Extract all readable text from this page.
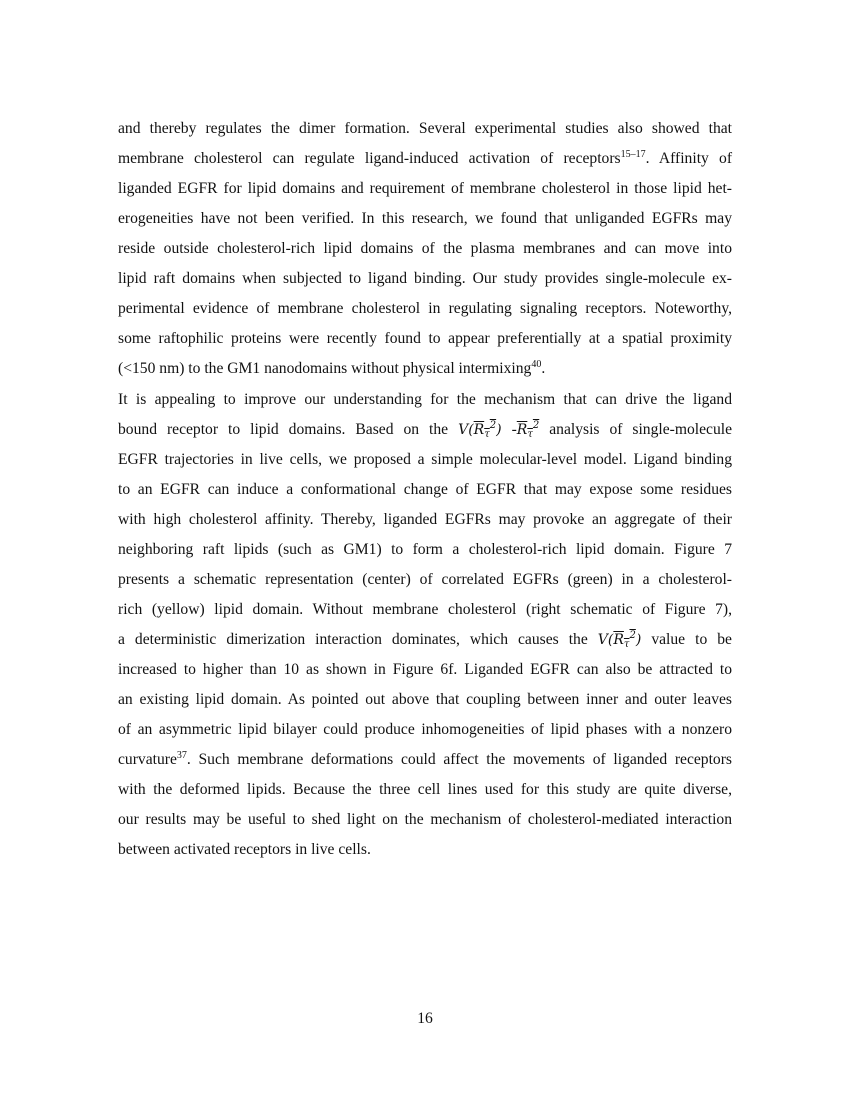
and thereby regulates the dimer formation. Several experimental studies also showed that
membrane cholesterol can regulate ligand-induced activation of receptors$^{15-17}$. Affinity of
liganded EGFR for lipid domains and requirement of membrane cholesterol in those lipid het-
erogeneities have not been verified. In this research, we found that unliganded EGFRs may
reside outside cholesterol-rich lipid domains of the plasma membranes and can move into
lipid raft domains when subjected to ligand binding. Our study provides single-molecule ex-
perimental evidence of membrane cholesterol in regulating signaling receptors. Noteworthy,
some raftophilic proteins were recently found to appear preferentially at a spatial proximity
(<150 nm) to the GM1 nanodomains without physical intermixing$^{40}$.
It is appealing to improve our understanding for the mechanism that can drive the ligand
bound receptor to lipid domains. Based on the $V(\overline{R}_{\overline{\tau}}^2)$ $-\overline{R}_{\overline{\tau}}^2$ analysis of single-molecule
EGFR trajectories in live cells, we proposed a simple molecular-level model. Ligand binding
to an EGFR can induce a conformational change of EGFR that may expose some residues
with high cholesterol affinity. Thereby, liganded EGFRs may provoke an aggregate of their
neighboring raft lipids (such as GM1) to form a cholesterol-rich lipid domain. Figure 7
presents a schematic representation (center) of correlated EGFRs (green) in a cholesterol-
rich (yellow) lipid domain. Without membrane cholesterol (right schematic of Figure 7),
a deterministic dimerization interaction dominates, which causes the $V(\overline{R}_{\overline{\tau}}^2)$ value to be
increased to higher than 10 as shown in Figure 6f. Liganded EGFR can also be attracted to
an existing lipid domain. As pointed out above that coupling between inner and outer leaves
of an asymmetric lipid bilayer could produce inhomogeneities of lipid phases with a nonzero
curvature$^{37}$. Such membrane deformations could affect the movements of liganded receptors
with the deformed lipids. Because the three cell lines used for this study are quite diverse,
our results may be useful to shed light on the mechanism of cholesterol-mediated interaction
between activated receptors in live cells.
16
